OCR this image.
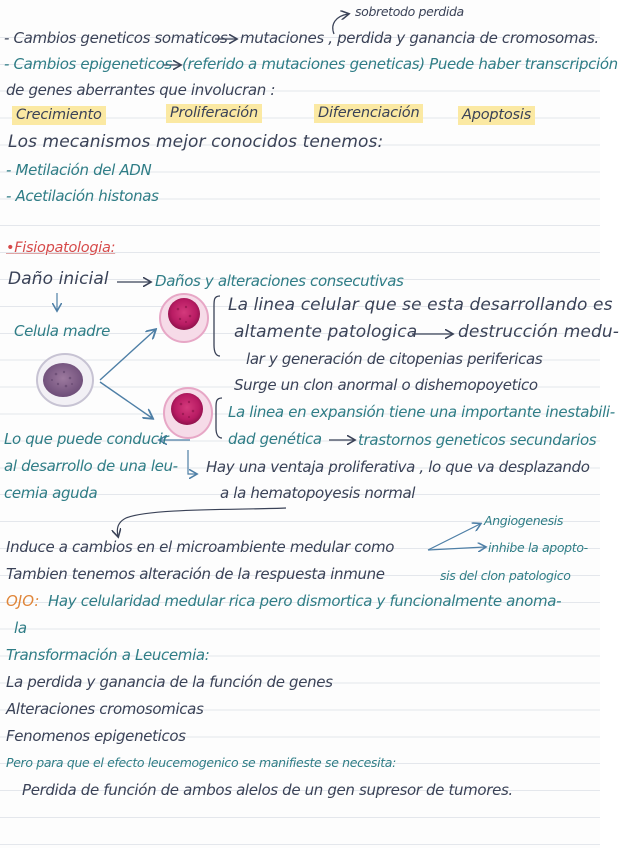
sobretodo perdida
- Cambios geneticos somaticos mutaciones , perdida y ganancia de cromosomas.
- Cambios epigeneticos (referido a mutaciones geneticas) Puede haber transcripción
de genes aberrantes que involucran :
Crecimiento	Proliferación	Diferenciación	Apoptosis
Los mecanismos mejor conocidos tenemos:
- Metilación del ADN
- Acetilación histonas
•Fisiopatologia:
Daño inicial	Daños y alteraciones consecutivas
Celula madre
La linea celular que se esta desarrollando es
altamente patologica destrucción medu-
lar y generación de citopenias perifericas
Surge un clon anormal o dishemopoyetico
La linea en expansión tiene una importante inestabili-
dad genética trastornos geneticos secundarios
Lo que puede conducir
al desarrollo de una leu-
cemia aguda
Hay una ventaja proliferativa , lo que va desplazando
a la hematopoyesis normal
Angiogenesis
Induce a cambios en el microambiente medular como	inhibe la apopto-
Tambien tenemos alteración de la respuesta inmune	sis del clon patologico
OJO: Hay celularidad medular rica pero dismortica y funcionalmente anoma-
la
Transformación a Leucemia:
La perdida y ganancia de la función de genes
Alteraciones cromosomicas
Fenomenos epigeneticos
Pero para que el efecto leucemogenico se manifieste se necesita:
Perdida de función de ambos alelos de un gen supresor de tumores.
